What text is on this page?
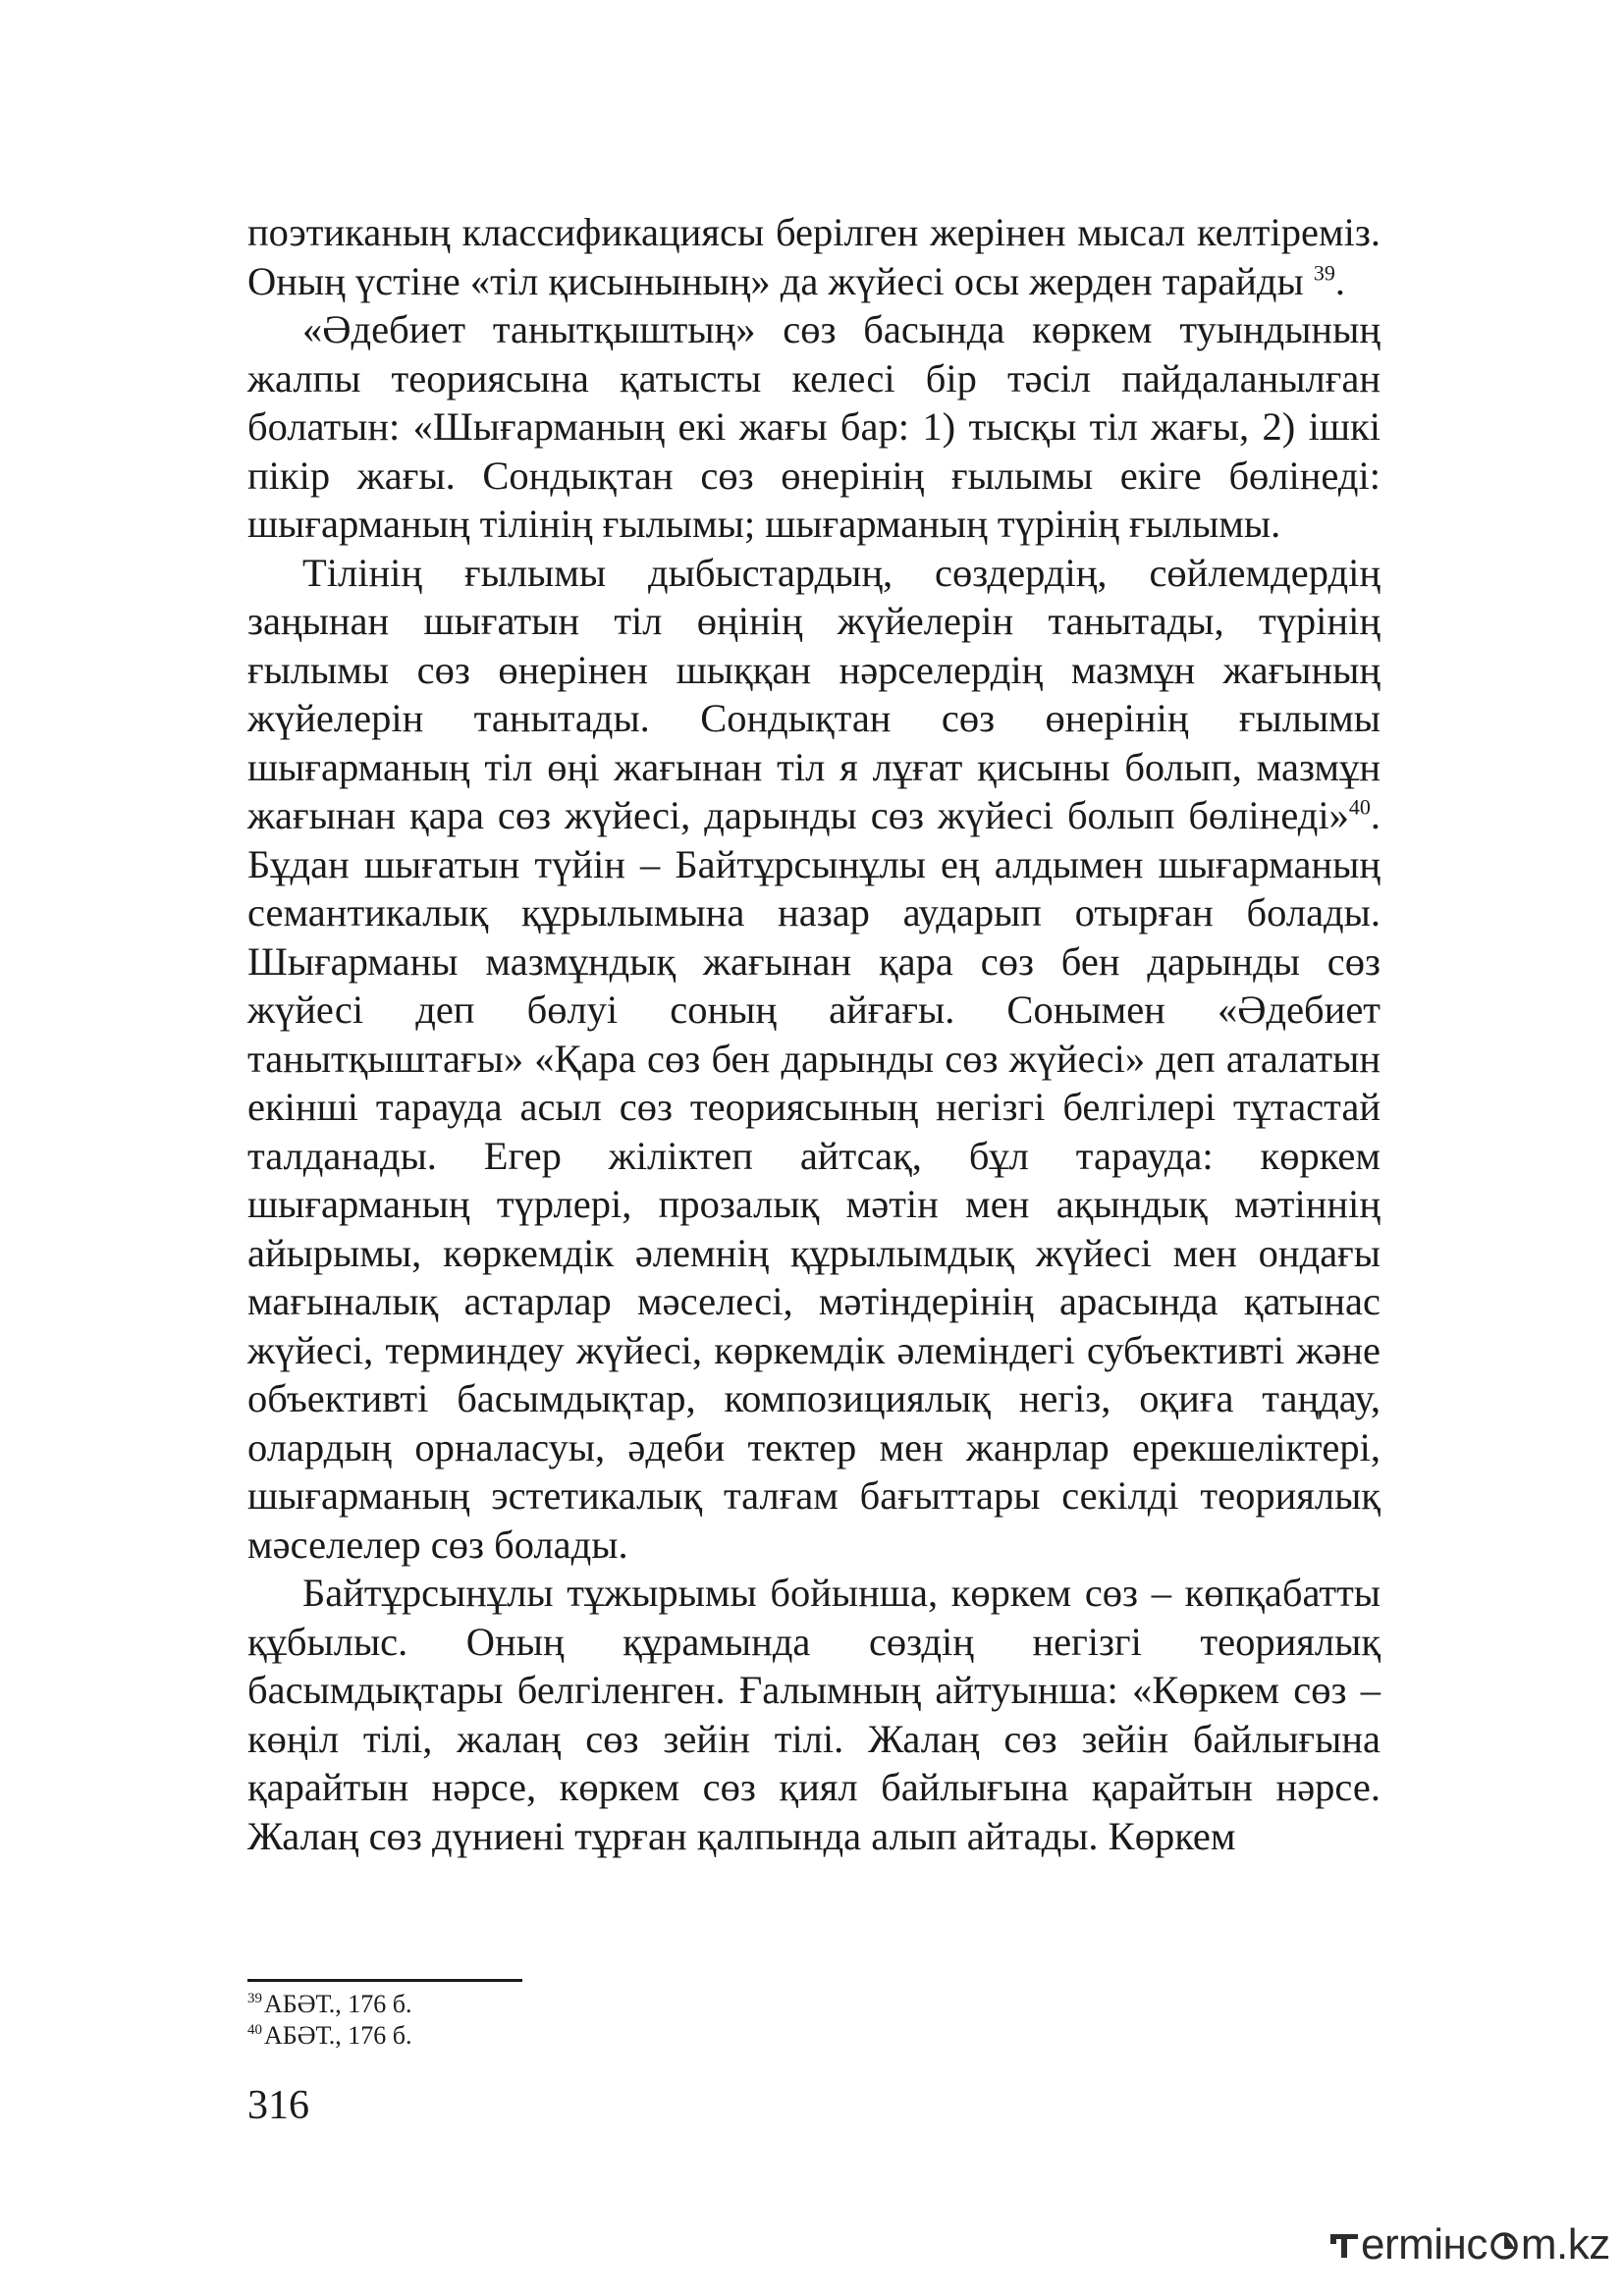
поэтиканың классификациясы берілген жерінен мысал келтіреміз. Оның үстіне «тіл қисынының» да жүйесі осы жерден тарайды $^{39}$.

«Әдебиет танытқыштың» сөз басында көркем туындының жалпы теориясына қатысты келесі бір тәсіл пайдаланылған болатын: «Шығарманың екі жағы бар: 1) тысқы тіл жағы, 2) ішкі пікір жағы. Сондықтан сөз өнерінің ғылымы екіге бөлінеді: шығарманың тілінің ғылымы; шығарманың түрінің ғылымы.

Тілінің ғылымы дыбыстардың, сөздердің, сөйлемдердің заңынан шығатын тіл өңінің жүйелерін танытады, түрінің ғылымы сөз өнерінен шыққан нәрселердің мазмұн жағының жүйелерін танытады. Сондықтан сөз өнерінің ғылымы шығарманың тіл өңі жағынан тіл я лұғат қисыны болып, мазмұн жағынан қара сөз жүйесі, дарынды сөз жүйесі болып бөлінеді»$^{40}$. Бұдан шығатын түйін – Байтұрсынұлы ең алдымен шығарманың семантикалық құрылымына назар аударып отырған болады. Шығарманы мазмұндық жағынан қара сөз бен дарынды сөз жүйесі деп бөлуі соның айғағы. Сонымен «Әдебиет танытқыштағы» «Қара сөз бен дарынды сөз жүйесі» деп аталатын екінші тарауда асыл сөз теориясының негізгі белгілері тұтастай талданады. Егер жіліктеп айтсақ, бұл тарауда: көркем шығарманың түрлері, прозалық мәтін мен ақындық мәтіннің айырымы, көркемдік әлемнің құрылымдық жүйесі мен ондағы мағыналық астарлар мәселесі, мәтіндерінің арасында қатынас жүйесі, терминдеу жүйесі, көркемдік әлеміндегі субъективті және объективті басымдықтар, композициялық негіз, оқиға таңдау, олардың орналасуы, әдеби тектер мен жанрлар ерекшеліктері, шығарманың эстетикалық талғам бағыттары секілді теориялық мәселелер сөз болады.

Байтұрсынұлы тұжырымы бойынша, көркем сөз – көпқабатты құбылыс. Оның құрамында сөздің негізгі теориялық басымдықтары белгіленген. Ғалымның айтуынша: «Көркем сөз – көңіл тілі, жалаң сөз зейін тілі. Жалаң сөз зейін байлығына қарайтын нәрсе, көркем сөз қиял байлығына қарайтын нәрсе. Жалаң сөз дүниені тұрған қалпында алып айтады. Көркем

$^{39}$АБӘТ., 176 б.

$^{40}$АБӘТ., 176 б.

316
ermінс m.kz
